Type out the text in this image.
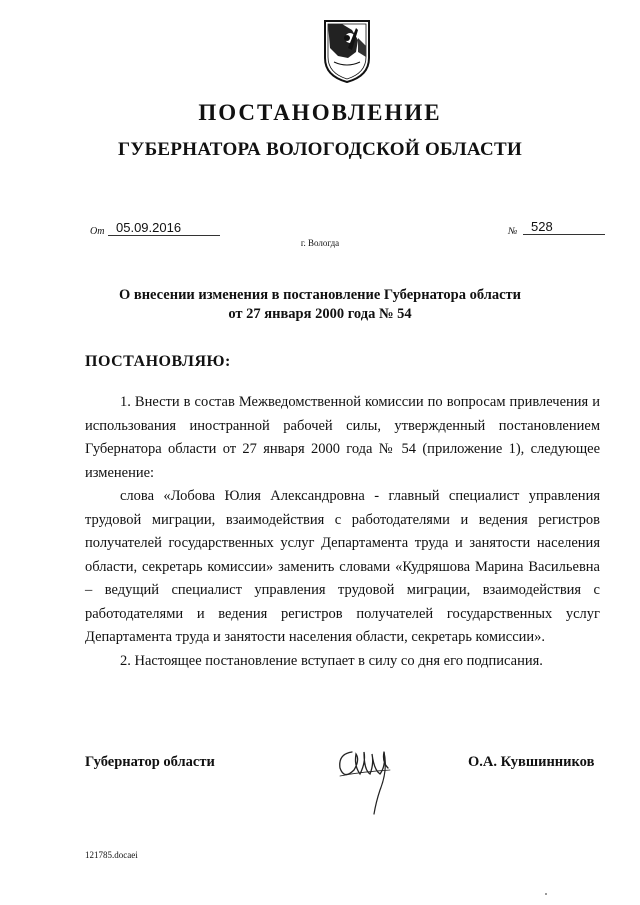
ПОСТАНОВЛЕНИЕ
ГУБЕРНАТОРА ВОЛОГОДСКОЙ ОБЛАСТИ
От 05.09.2016	№	528
г. Вологда
О внесении изменения в постановление Губернатора области
от 27 января 2000 года № 54
ПОСТАНОВЛЯЮ:

1. Внести в состав Межведомственной комиссии по вопросам привлечения и использования иностранной рабочей силы, утвержденный постановлением Губернатора области от 27 января 2000 года № 54 (приложение 1), следующее изменение:

слова «Лобова Юлия Александровна - главный специалист управления трудовой миграции, взаимодействия с работодателями и ведения регистров получателей государственных услуг Департамента труда и занятости населения области, секретарь комиссии» заменить словами «Кудряшова Марина Васильевна – ведущий специалист управления трудовой миграции, взаимодействия с работодателями и ведения регистров получателей государственных услуг Департамента труда и занятости населения области, секретарь комиссии».

2. Настоящее постановление вступает в силу со дня его подписания.

Губернатор области	О.А. Кувшинников
121785.docaei
